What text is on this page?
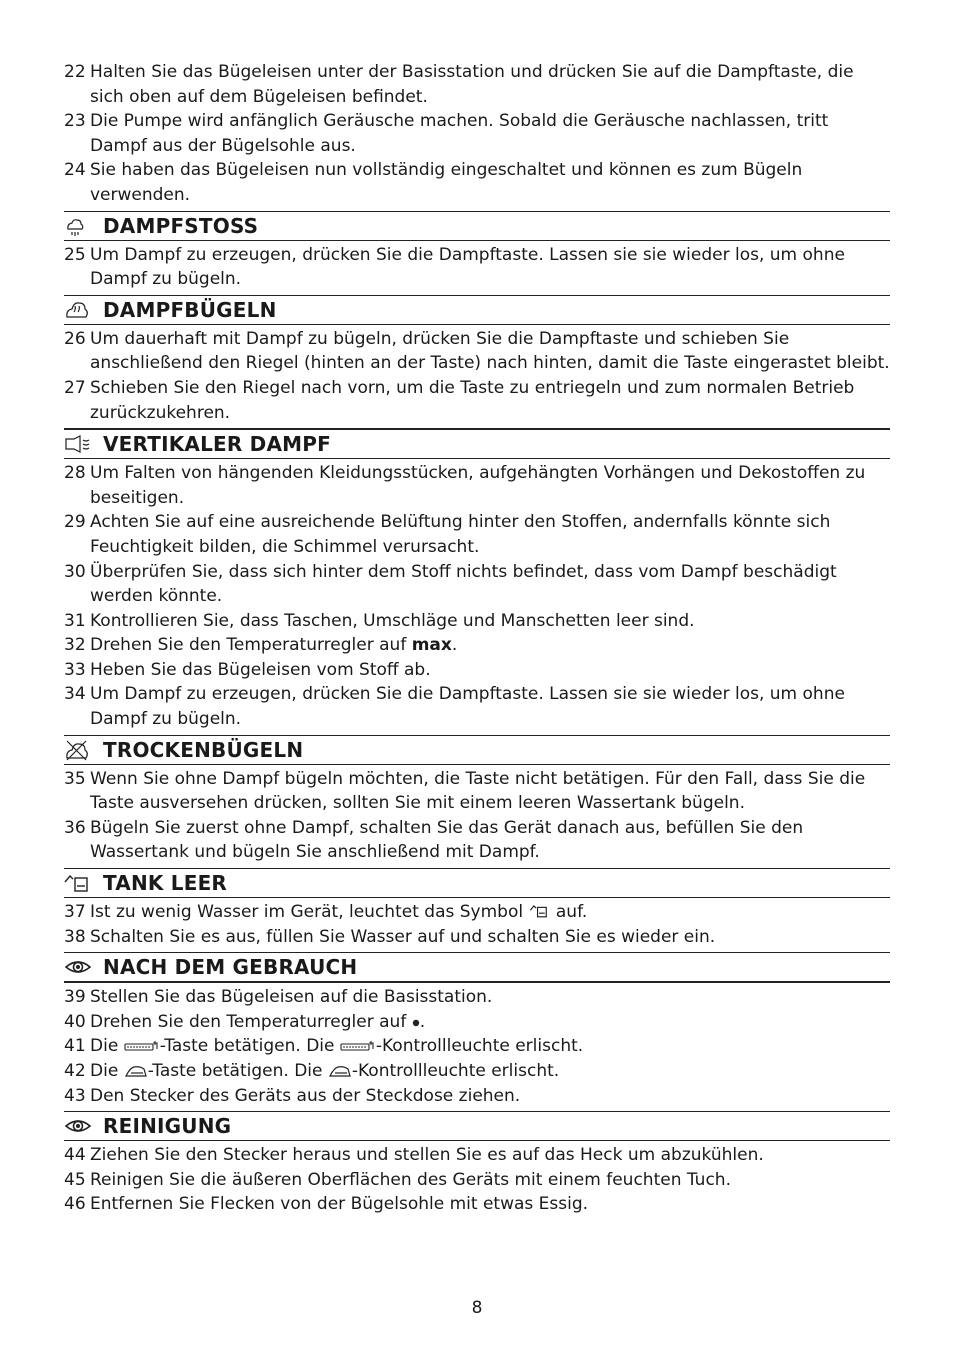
22 Halten Sie das Bügeleisen unter der Basisstation und drücken Sie auf die Dampftaste, die sich oben auf dem Bügeleisen befindet.
23 Die Pumpe wird anfänglich Geräusche machen. Sobald die Geräusche nachlassen, tritt Dampf aus der Bügelsohle aus.
24 Sie haben das Bügeleisen nun vollständig eingeschaltet und können es zum Bügeln verwenden.
DAMPFSTOSS
25 Um Dampf zu erzeugen, drücken Sie die Dampftaste. Lassen sie sie wieder los, um ohne Dampf zu bügeln.
DAMPFBÜGELN
26 Um dauerhaft mit Dampf zu bügeln, drücken Sie die Dampftaste und schieben Sie anschließend den Riegel (hinten an der Taste) nach hinten, damit die Taste eingerastet bleibt.
27 Schieben Sie den Riegel nach vorn, um die Taste zu entriegeln und zum normalen Betrieb zurückzukehren.
VERTIKALER DAMPF
28 Um Falten von hängenden Kleidungsstücken, aufgehängten Vorhängen und Dekostoffen zu beseitigen.
29 Achten Sie auf eine ausreichende Belüftung hinter den Stoffen, andernfalls könnte sich Feuchtigkeit bilden, die Schimmel verursacht.
30 Überprüfen Sie, dass sich hinter dem Stoff nichts befindet, dass vom Dampf beschädigt werden könnte.
31 Kontrollieren Sie, dass Taschen, Umschläge und Manschetten leer sind.
32 Drehen Sie den Temperaturregler auf max.
33 Heben Sie das Bügeleisen vom Stoff ab.
34 Um Dampf zu erzeugen, drücken Sie die Dampftaste. Lassen sie sie wieder los, um ohne Dampf zu bügeln.
TROCKENBÜGELN
35 Wenn Sie ohne Dampf bügeln möchten, die Taste nicht betätigen. Für den Fall, dass Sie die Taste ausversehen drücken, sollten Sie mit einem leeren Wassertank bügeln.
36 Bügeln Sie zuerst ohne Dampf, schalten Sie das Gerät danach aus, befüllen Sie den Wassertank und bügeln Sie anschließend mit Dampf.
TANK LEER
37 Ist zu wenig Wasser im Gerät, leuchtet das Symbol
auf.
38 Schalten Sie es aus, füllen Sie Wasser auf und schalten Sie es wieder ein.
NACH DEM GEBRAUCH
39 Stellen Sie das Bügeleisen auf die Basisstation.
40 Drehen Sie den Temperaturregler auf
.
41 Die
-Taste betätigen. Die
-Kontrollleuchte erlischt.
42 Die
-Taste betätigen. Die
-Kontrollleuchte erlischt.
43 Den Stecker des Geräts aus der Steckdose ziehen.
REINIGUNG
44 Ziehen Sie den Stecker heraus und stellen Sie es auf das Heck um abzukühlen.
45 Reinigen Sie die äußeren Oberflächen des Geräts mit einem feuchten Tuch.
46 Entfernen Sie Flecken von der Bügelsohle mit etwas Essig.
8
